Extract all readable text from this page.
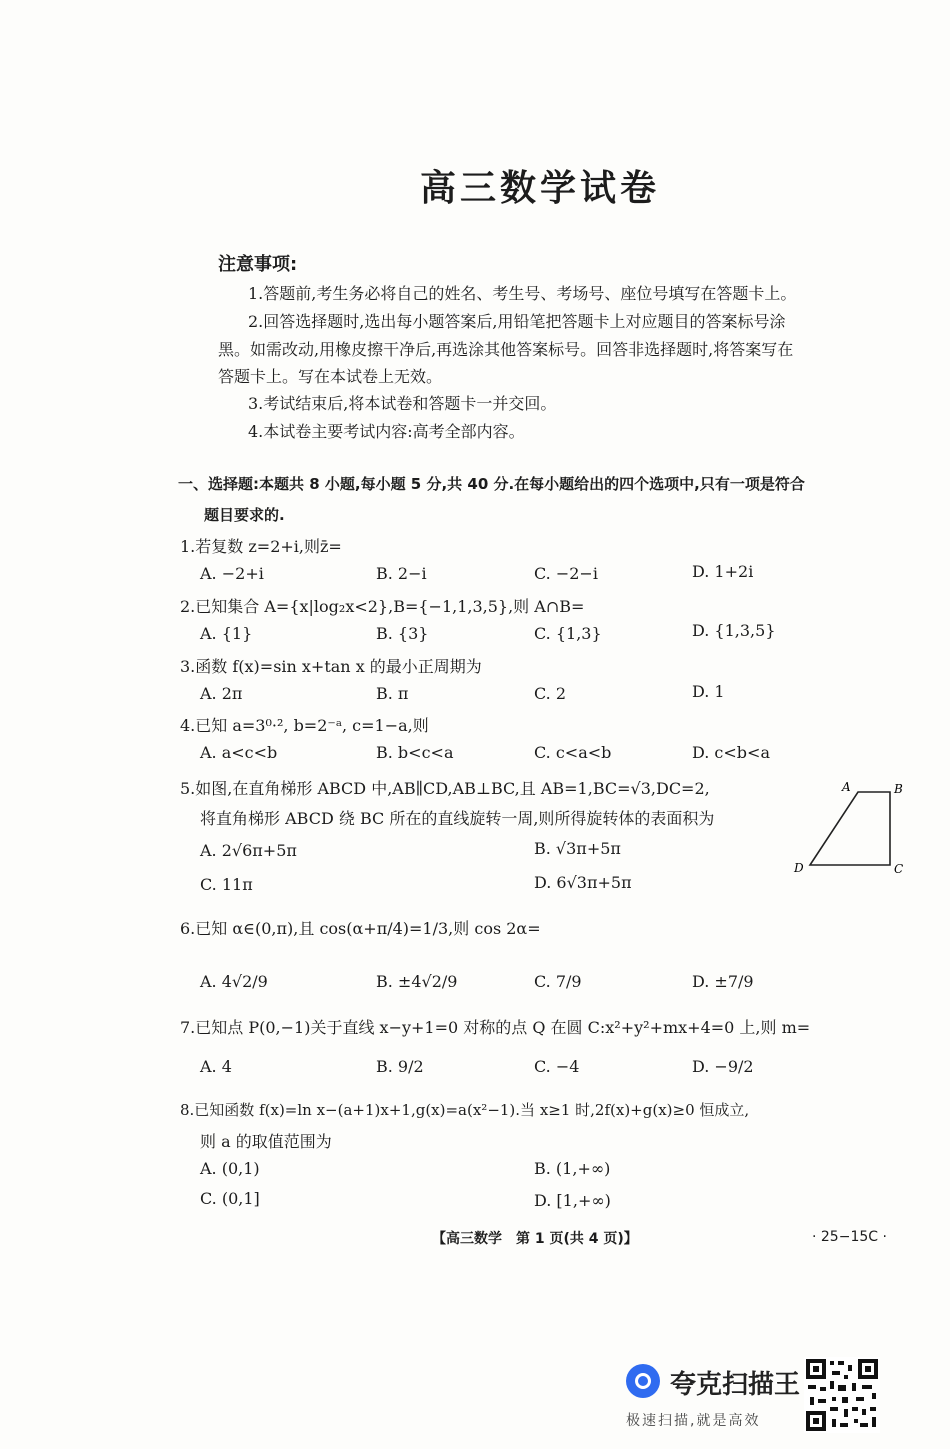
高三数学试卷
注意事项:
1.答题前,考生务必将自己的姓名、考生号、考场号、座位号填写在答题卡上。
2.回答选择题时,选出每小题答案后,用铅笔把答题卡上对应题目的答案标号涂
黑。如需改动,用橡皮擦干净后,再选涂其他答案标号。回答非选择题时,将答案写在
答题卡上。写在本试卷上无效。
3.考试结束后,将本试卷和答题卡一并交回。
4.本试卷主要考试内容:高考全部内容。
一、选择题:本题共 8 小题,每小题 5 分,共 40 分.在每小题给出的四个选项中,只有一项是符合
题目要求的.
1.若复数 z=2+i,则z̄=
A. −2+i	B. 2−i	C. −2−i	D. 1+2i
2.已知集合 A={x|log₂x<2},B={−1,1,3,5},则 A∩B=
A. {1}	B. {3}	C. {1,3}	D. {1,3,5}
3.函数 f(x)=sin x+tan x 的最小正周期为
A. 2π	B. π	C. 2	D. 1
4.已知 a=3⁰·², b=2⁻ᵃ, c=1−a,则
A. a<c<b	B. b<c<a	C. c<a<b	D. c<b<a
5.如图,在直角梯形 ABCD 中,AB∥CD,AB⊥BC,且 AB=1,BC=√3,DC=2,
将直角梯形 ABCD 绕 BC 所在的直线旋转一周,则所得旋转体的表面积为
A. 2√6π+5π	B. √3π+5π
C. 11π	D. 6√3π+5π
A	B
C
D
6.已知 α∈(0,π),且 cos(α+π/4)=1/3,则 cos 2α=
A. 4√2/9	B. ±4√2/9	C. 7/9	D. ±7/9
7.已知点 P(0,−1)关于直线 x−y+1=0 对称的点 Q 在圆 C:x²+y²+mx+4=0 上,则 m=
A. 4	B. 9/2	C. −4	D. −9/2
8.已知函数 f(x)=ln x−(a+1)x+1,g(x)=a(x²−1).当 x≥1 时,2f(x)+g(x)≥0 恒成立,
则 a 的取值范围为
A. (0,1)	B. (1,+∞)
C. (0,1]	D. [1,+∞)
【高三数学　第 1 页(共 4 页)】	· 25−15C ·
夸克扫描王
极速扫描,就是高效
